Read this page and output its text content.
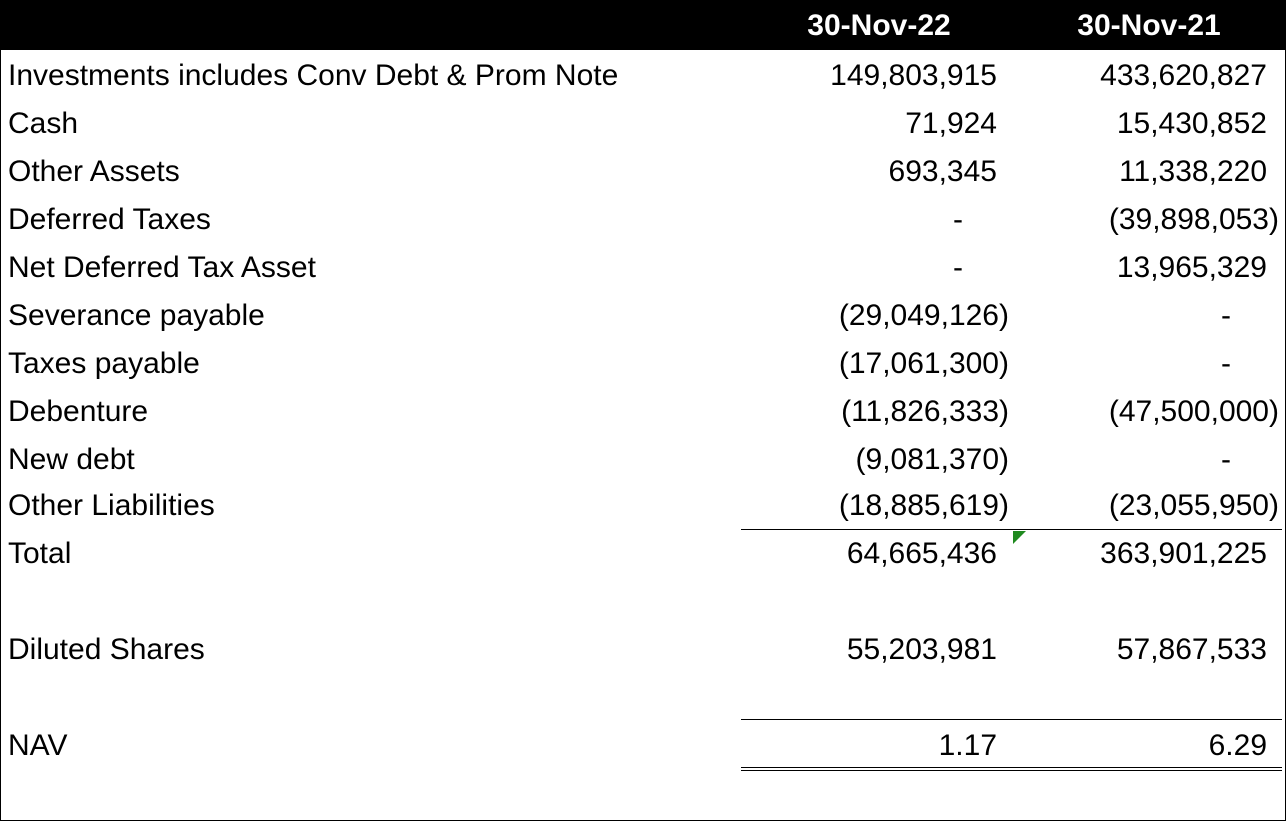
30-Nov-22	30-Nov-21
Investments includes Conv Debt & Prom Note	149,803,915	433,620,827
Cash	71,924	15,430,852
Other Assets	693,345	11,338,220
Deferred Taxes	-	(39,898,053)
Net Deferred Tax Asset	-	13,965,329
Severance payable	(29,049,126)	-
Taxes payable	(17,061,300)	-
Debenture	(11,826,333)	(47,500,000)
New debt	(9,081,370)	-
Other Liabilities	(18,885,619)	(23,055,950)
Total	64,665,436	363,901,225
Diluted Shares	55,203,981	57,867,533
NAV	1.17	6.29
